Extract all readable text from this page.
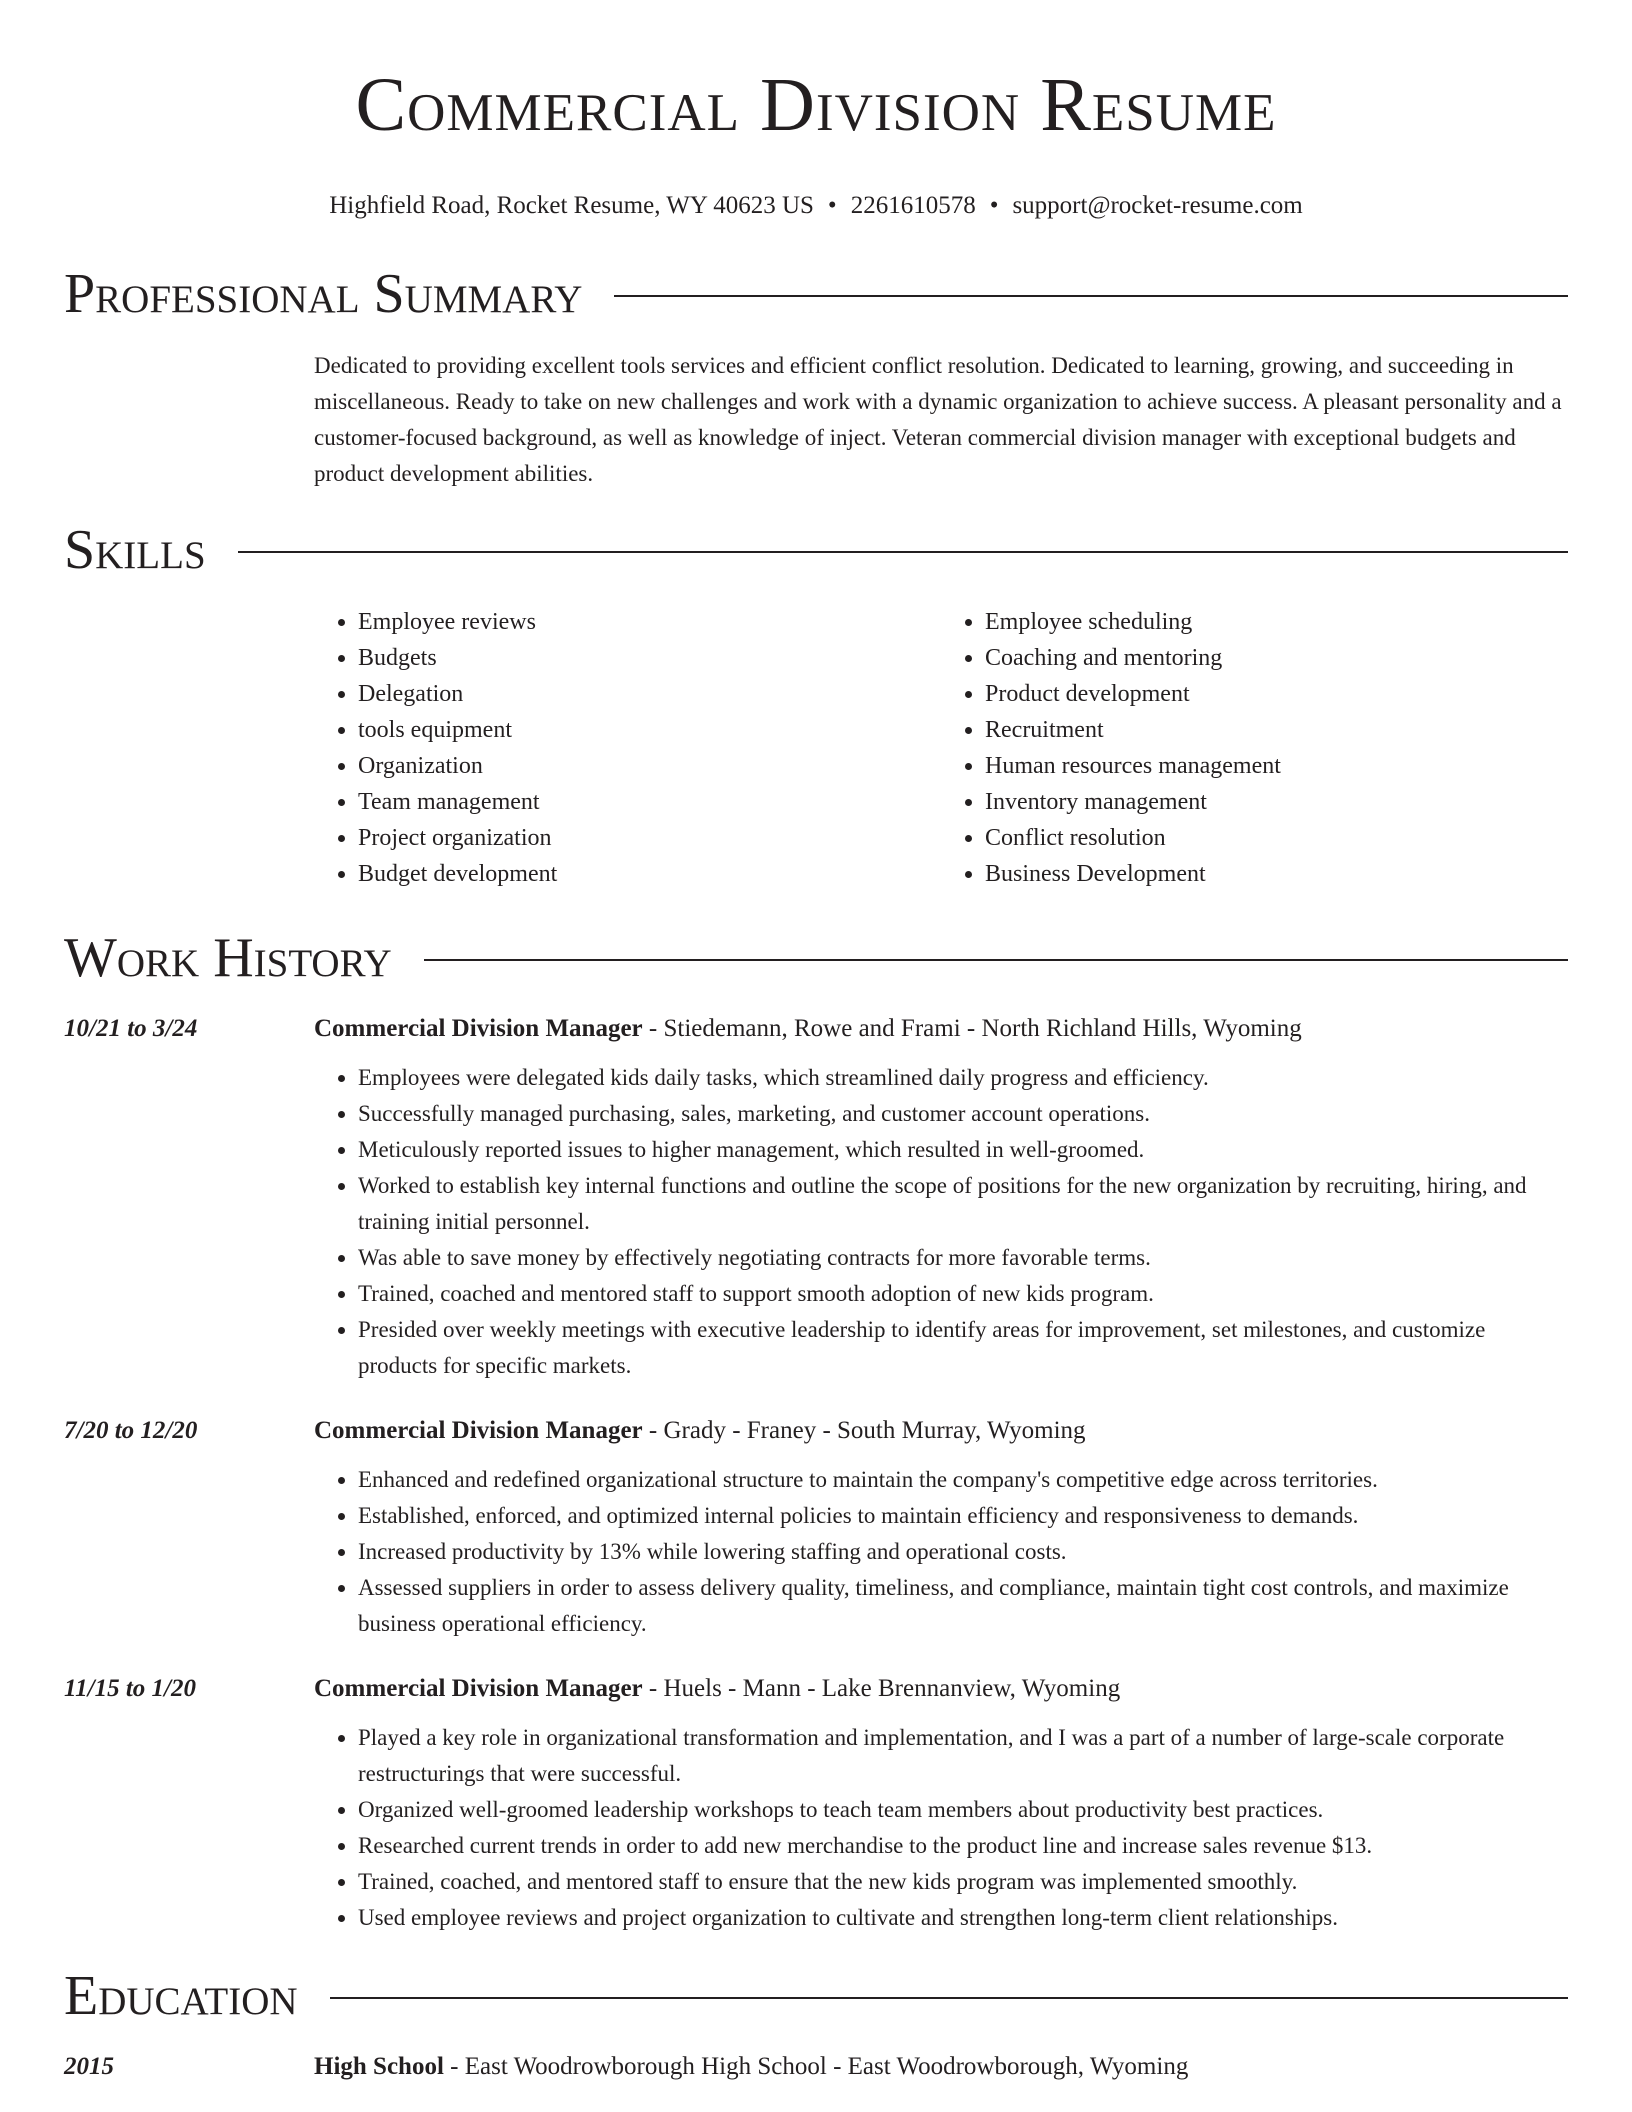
Commercial Division Resume
Highfield Road, Rocket Resume, WY 40623 US • 2261610578 • support@rocket-resume.com
Professional Summary
Dedicated to providing excellent tools services and efficient conflict resolution. Dedicated to learning, growing, and succeeding in miscellaneous. Ready to take on new challenges and work with a dynamic organization to achieve success. A pleasant personality and a customer-focused background, as well as knowledge of inject. Veteran commercial division manager with exceptional budgets and product development abilities.
Skills
• Employee reviews
• Budgets
• Delegation
• tools equipment
• Organization
• Team management
• Project organization
• Budget development
• Employee scheduling
• Coaching and mentoring
• Product development
• Recruitment
• Human resources management
• Inventory management
• Conflict resolution
• Business Development
Work History
10/21 to 3/24	Commercial Division Manager - Stiedemann, Rowe and Frami - North Richland Hills, Wyoming
• Employees were delegated kids daily tasks, which streamlined daily progress and efficiency.
• Successfully managed purchasing, sales, marketing, and customer account operations.
• Meticulously reported issues to higher management, which resulted in well-groomed.
• Worked to establish key internal functions and outline the scope of positions for the new organization by recruiting, hiring, and training initial personnel.
• Was able to save money by effectively negotiating contracts for more favorable terms.
• Trained, coached and mentored staff to support smooth adoption of new kids program.
• Presided over weekly meetings with executive leadership to identify areas for improvement, set milestones, and customize products for specific markets.
7/20 to 12/20	Commercial Division Manager - Grady - Franey - South Murray, Wyoming
• Enhanced and redefined organizational structure to maintain the company's competitive edge across territories.
• Established, enforced, and optimized internal policies to maintain efficiency and responsiveness to demands.
• Increased productivity by 13% while lowering staffing and operational costs.
• Assessed suppliers in order to assess delivery quality, timeliness, and compliance, maintain tight cost controls, and maximize business operational efficiency.
11/15 to 1/20	Commercial Division Manager - Huels - Mann - Lake Brennanview, Wyoming
• Played a key role in organizational transformation and implementation, and I was a part of a number of large-scale corporate restructurings that were successful.
• Organized well-groomed leadership workshops to teach team members about productivity best practices.
• Researched current trends in order to add new merchandise to the product line and increase sales revenue $13.
• Trained, coached, and mentored staff to ensure that the new kids program was implemented smoothly.
• Used employee reviews and project organization to cultivate and strengthen long-term client relationships.
Education
2015	High School - East Woodrowborough High School - East Woodrowborough, Wyoming
